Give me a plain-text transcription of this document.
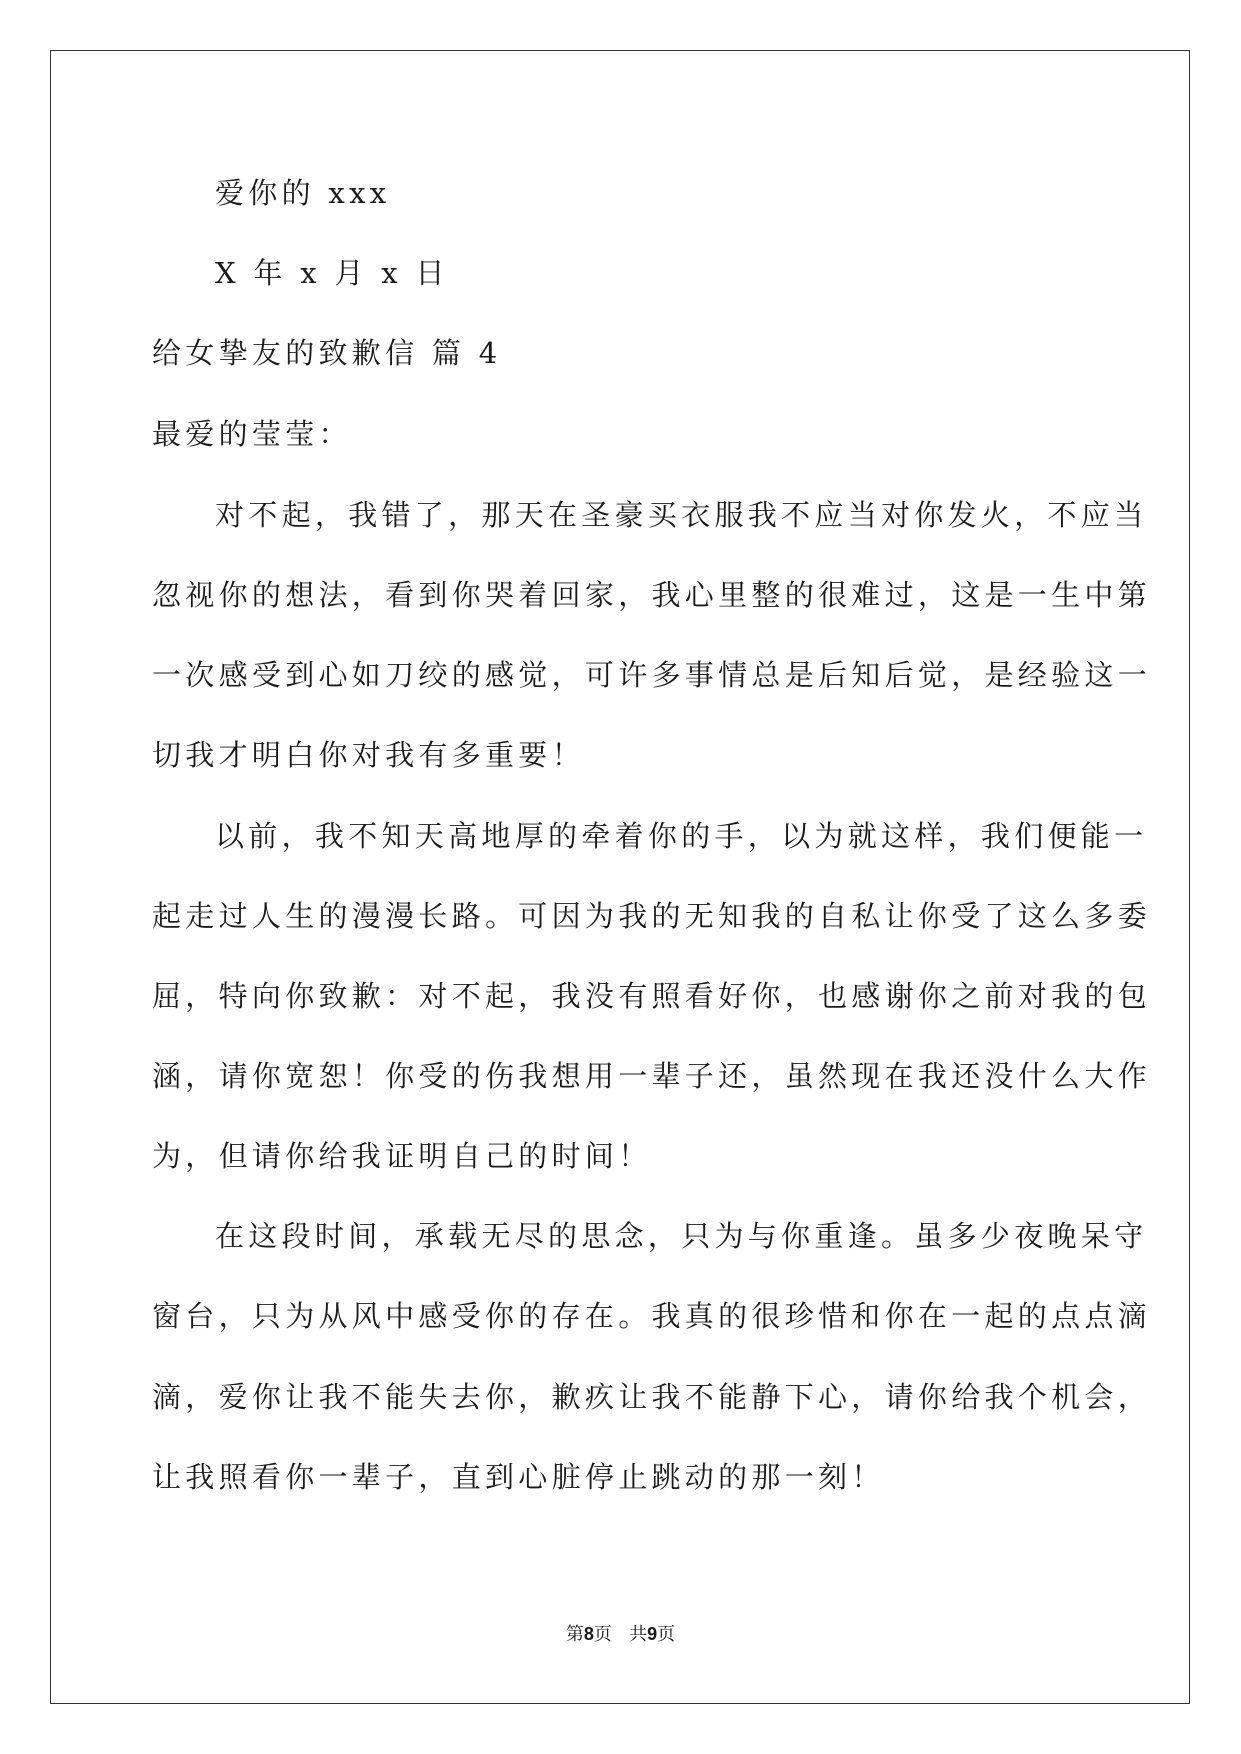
爱你的 xxx
X 年 x 月 x 日
给女挚友的致歉信 篇 4
最爱的莹莹：
对不起，我错了，那天在圣豪买衣服我不应当对你发火，不应当
忽视你的想法，看到你哭着回家，我心里整的很难过，这是一生中第
一次感受到心如刀绞的感觉，可许多事情总是后知后觉，是经验这一
切我才明白你对我有多重要！
以前，我不知天高地厚的牵着你的手，以为就这样，我们便能一
起走过人生的漫漫长路。可因为我的无知我的自私让你受了这么多委
屈，特向你致歉：对不起，我没有照看好你，也感谢你之前对我的包
涵，请你宽恕！你受的伤我想用一辈子还，虽然现在我还没什么大作
为，但请你给我证明自己的时间！
在这段时间，承载无尽的思念，只为与你重逢。虽多少夜晚呆守
窗台，只为从风中感受你的存在。我真的很珍惜和你在一起的点点滴
滴，爱你让我不能失去你，歉疚让我不能静下心，请你给我个机会，
让我照看你一辈子，直到心脏停止跳动的那一刻！
第8页 共9页
